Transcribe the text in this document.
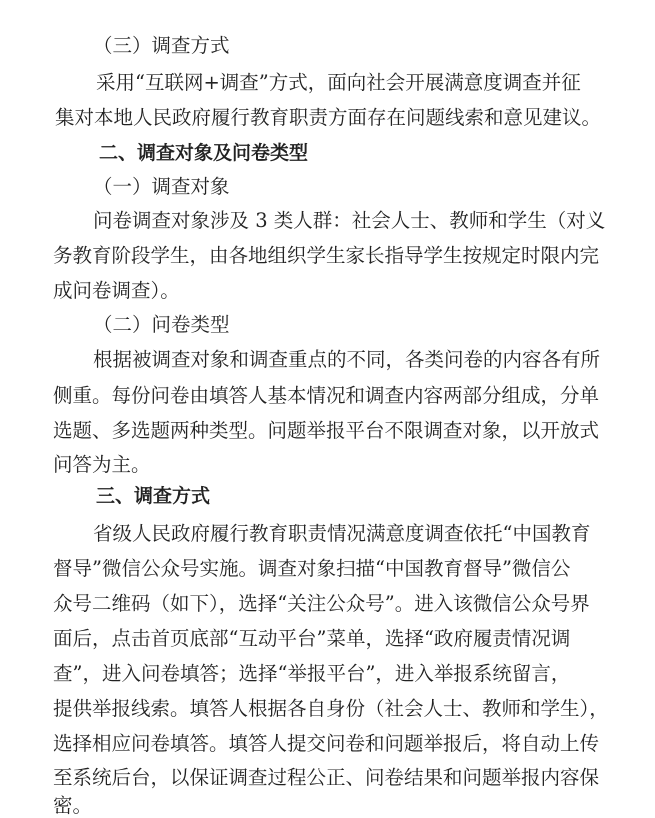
（三）调查方式
采用“互联网+调查”方式，面向社会开展满意度调查并征
集对本地人民政府履行教育职责方面存在问题线索和意见建议。
二、调查对象及问卷类型
（一）调查对象
问卷调查对象涉及 3 类人群：社会人士、教师和学生（对义
务教育阶段学生，由各地组织学生家长指导学生按规定时限内完
成问卷调查）。
（二）问卷类型
根据被调查对象和调查重点的不同，各类问卷的内容各有所
侧重。每份问卷由填答人基本情况和调查内容两部分组成，分单
选题、多选题两种类型。问题举报平台不限调查对象，以开放式
问答为主。
三、调查方式
省级人民政府履行教育职责情况满意度调查依托“中国教育
督导”微信公众号实施。调查对象扫描“中国教育督导”微信公
众号二维码（如下），选择“关注公众号”。进入该微信公众号界
面后，点击首页底部“互动平台”菜单，选择“政府履责情况调
查”，进入问卷填答；选择“举报平台”，进入举报系统留言，
提供举报线索。填答人根据各自身份（社会人士、教师和学生），
选择相应问卷填答。填答人提交问卷和问题举报后，将自动上传
至系统后台，以保证调查过程公正、问卷结果和问题举报内容保
密。
